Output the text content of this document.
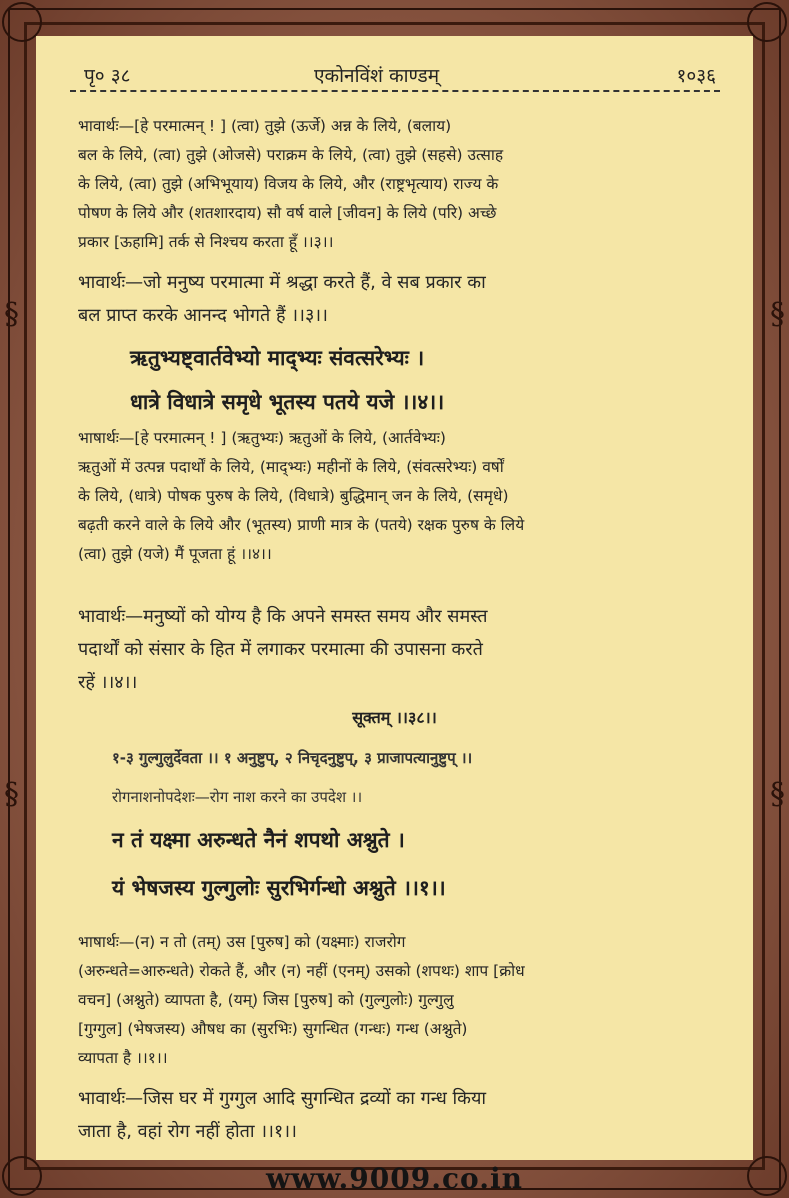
§
§
§
§
पृ० ३८	एकोनविंशं काण्डम्	१०३६
भावार्थः—[हे परमात्मन् ! ] (त्वा) तुझे (ऊर्जे) अन्न के लिये, (बलाय)
बल के लिये, (त्वा) तुझे (ओजसे) पराक्रम के लिये, (त्वा) तुझे (सहसे) उत्साह
के लिये, (त्वा) तुझे (अभिभूयाय) विजय के लिये, और (राष्ट्रभृत्याय) राज्य के
पोषण के लिये और (शतशारदाय) सौ वर्ष वाले [जीवन] के लिये (परि) अच्छे
प्रकार [ऊहामि] तर्क से निश्चय करता हूँ ।।३।।
भावार्थः—जो मनुष्य परमात्मा में श्रद्धा करते हैं, वे सब प्रकार का
बल प्राप्त करके आनन्द भोगते हैं ।।३।।
ऋतुभ्यष्ट्वार्तवेभ्यो माद्भ्यः संवत्सरेभ्यः ।
धात्रे विधात्रे समृधे भूतस्य पतये यजे ।।४।।
भाषार्थः—[हे परमात्मन् ! ] (ऋतुभ्यः) ऋतुओं के लिये, (आर्तवेभ्यः)
ऋतुओं में उत्पन्न पदार्थों के लिये, (माद्भ्यः) महीनों के लिये, (संवत्सरेभ्यः) वर्षों
के लिये, (धात्रे) पोषक पुरुष के लिये, (विधात्रे) बुद्धिमान् जन के लिये, (समृधे)
बढ़ती करने वाले के लिये और (भूतस्य) प्राणी मात्र के (पतये) रक्षक पुरुष के लिये
(त्वा) तुझे (यजे) मैं पूजता हूं ।।४।।
भावार्थः—मनुष्यों को योग्य है कि अपने समस्त समय और समस्त
पदार्थों को संसार के हित में लगाकर परमात्मा की उपासना करते
रहें ।।४।।
सूक्तम् ।।३८।।
१-३ गुल्गुलुर्देवता ।। १ अनुष्टुप्, २ निचृदनुष्टुप्, ३ प्राजापत्यानुष्टुप् ।।
रोगनाशनोपदेशः—रोग नाश करने का उपदेश ।।
न तं यक्ष्मा अरुन्धते नैनं शपथो अश्नुते ।
यं भेषजस्य गुल्गुलोः सुरभिर्गन्धो अश्नुते ।।१।।
भाषार्थः—(न) न तो (तम्) उस [पुरुष] को (यक्ष्माः) राजरोग
(अरुन्धते=आरुन्धते) रोकते हैं, और (न) नहीं (एनम्) उसको (शपथः) शाप [क्रोध
वचन] (अश्नुते) व्यापता है, (यम्) जिस [पुरुष] को (गुल्गुलोः) गुल्गुलु
[गुग्गुल] (भेषजस्य) औषध का (सुरभिः) सुगन्धित (गन्धः) गन्ध (अश्नुते)
व्यापता है ।।१।।
भावार्थः—जिस घर में गुग्गुल आदि सुगन्धित द्रव्यों का गन्ध किया
जाता है, वहां रोग नहीं होता ।।१।।
www.9009.co.in
